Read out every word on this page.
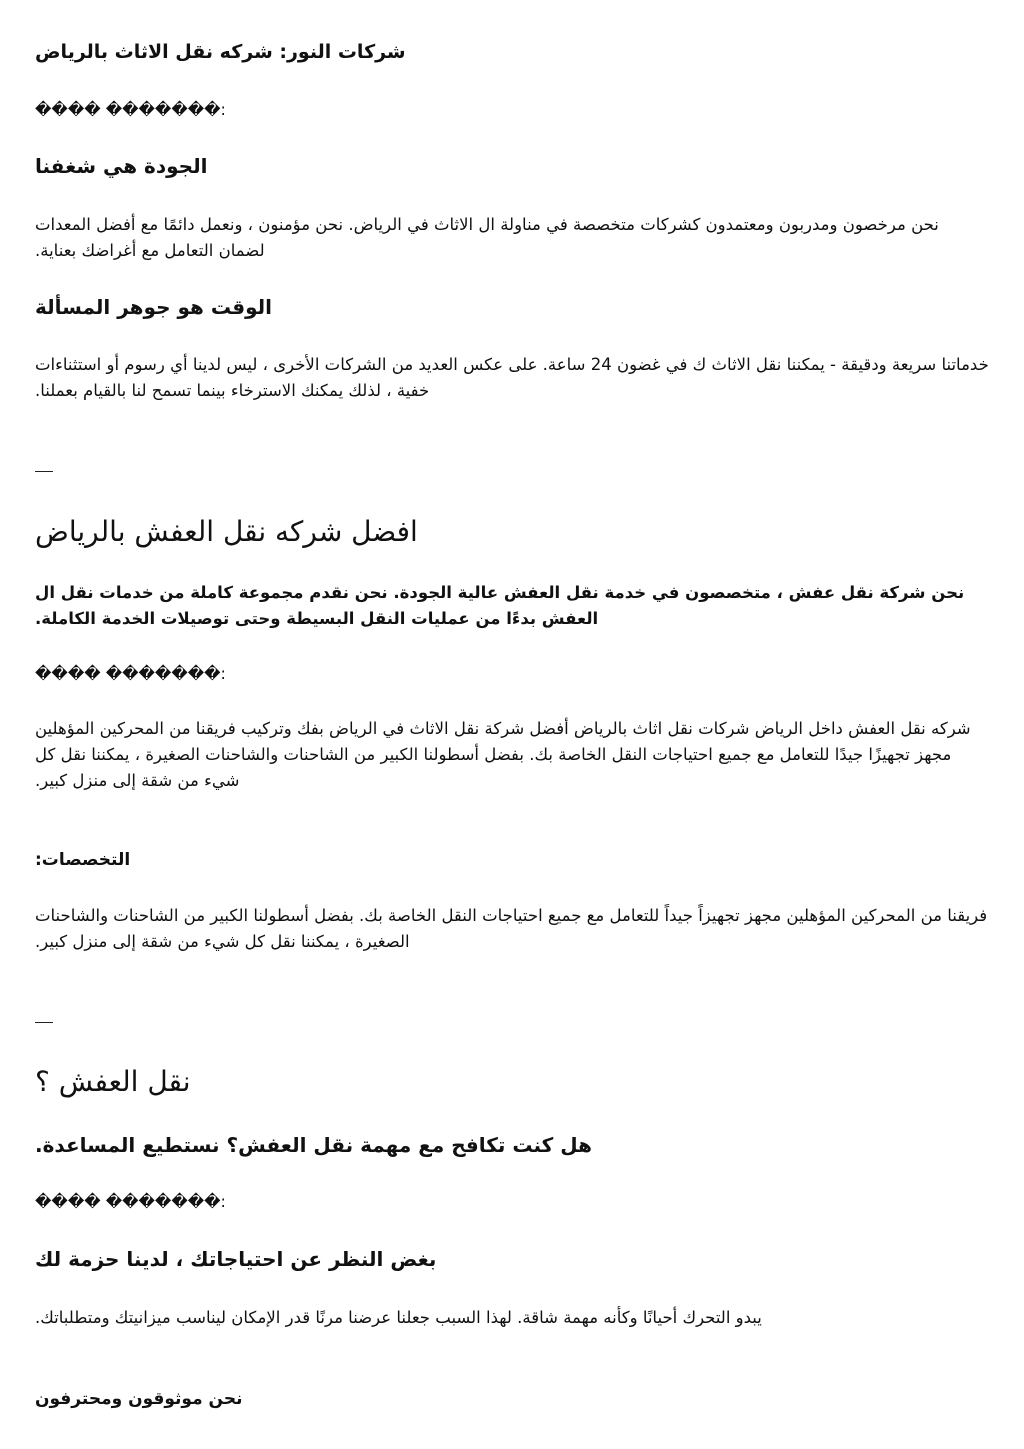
شركات النور: شركه نقل الاثاث بالرياض

���� �������:

الجودة هي شغفنا

نحن مرخصون ومدربون ومعتمدون كشركات متخصصة في مناولة ال الاثاث في الرياض. نحن مؤمنون ، ونعمل دائمًا مع أفضل المعدات لضمان التعامل مع أغراضك بعناية.

الوقت هو جوهر المسألة

خدماتنا سريعة ودقيقة - يمكننا نقل الاثاث ك في غضون 24 ساعة. على عكس العديد من الشركات الأخرى ، ليس لدينا أي رسوم أو استثناءات خفية ، لذلك يمكنك الاسترخاء بينما تسمح لنا بالقيام بعملنا.

افضل شركه نقل العفش بالرياض

نحن شركة نقل عفش ، متخصصون في خدمة نقل العفش عالية الجودة. نحن نقدم مجموعة كاملة من خدمات نقل ال العفش بدءًا من عمليات النقل البسيطة وحتى توصيلات الخدمة الكاملة.

���� �������:

شركه نقل العفش داخل الرياض شركات نقل اثاث بالرياض أفضل شركة نقل الاثاث في الرياض بفك وتركيب فريقنا من المحركين المؤهلين مجهز تجهيزًا جيدًا للتعامل مع جميع احتياجات النقل الخاصة بك. بفضل أسطولنا الكبير من الشاحنات والشاحنات الصغيرة ، يمكننا نقل كل شيء من شقة إلى منزل كبير.

التخصصات:

فريقنا من المحركين المؤهلين مجهز تجهيزاً جيداً للتعامل مع جميع احتياجات النقل الخاصة بك. بفضل أسطولنا الكبير من الشاحنات والشاحنات الصغيرة ، يمكننا نقل كل شيء من شقة إلى منزل كبير.

نقل العفش ؟

هل كنت تكافح مع مهمة نقل العفش؟ نستطيع المساعدة.

���� �������:

بغض النظر عن احتياجاتك ، لدينا حزمة لك

يبدو التحرك أحيانًا وكأنه مهمة شاقة. لهذا السبب جعلنا عرضنا مرنًا قدر الإمكان ليناسب ميزانيتك ومتطلباتك.

نحن موثوقون ومحترفون
